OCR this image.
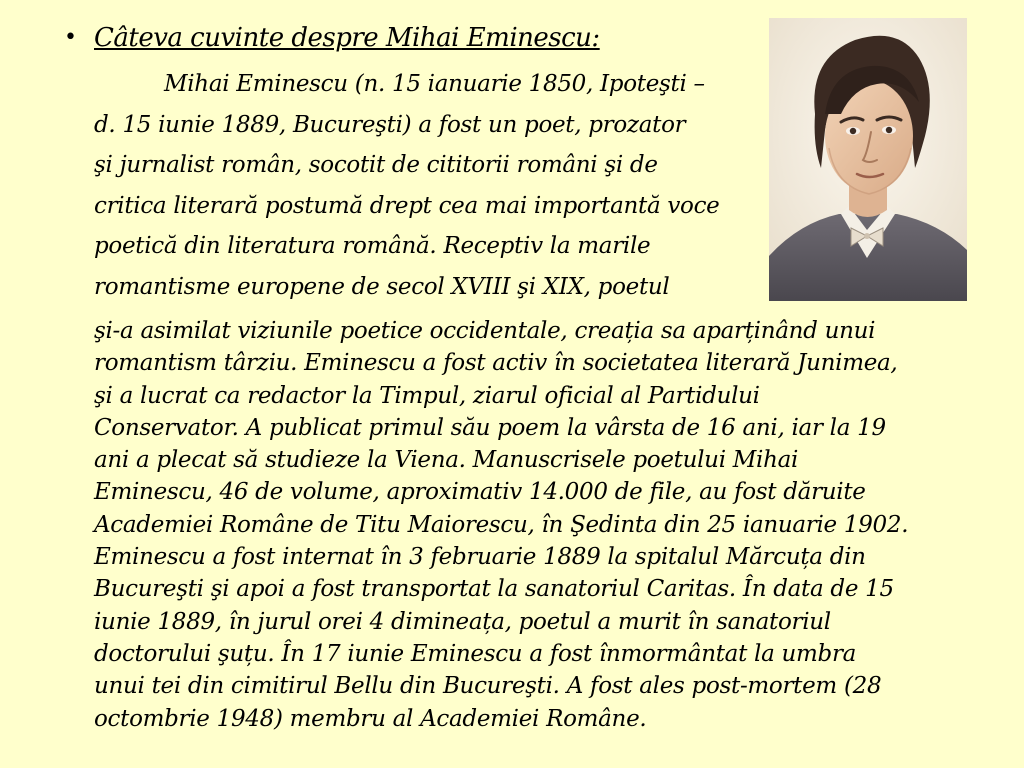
• Câteva cuvinte despre Mihai Eminescu:
Mihai Eminescu (n. 15 ianuarie 1850, Ipoteşti –
d. 15 iunie 1889, Bucureşti) a fost un poet, prozator
şi jurnalist român, socotit de cititorii români şi de
critica literară postumă drept cea mai importantă voce
poetică din literatura română. Receptiv la marile
romantisme europene de secol XVIII şi XIX, poetul
şi-a asimilat viziunile poetice occidentale, creația sa aparținând unui
romantism târziu. Eminescu a fost activ în societatea literară Junimea,
şi a lucrat ca redactor la Timpul, ziarul oficial al Partidului
Conservator. A publicat primul său poem la vârsta de 16 ani, iar la 19
ani a plecat să studieze la Viena. Manuscrisele poetului Mihai
Eminescu, 46 de volume, aproximativ 14.000 de file, au fost dăruite
Academiei Române de Titu Maiorescu, în Şedinta din 25 ianuarie 1902.
Eminescu a fost internat în 3 februarie 1889 la spitalul Mărcuța din
Bucureşti şi apoi a fost transportat la sanatoriul Caritas. În data de 15
iunie 1889, în jurul orei 4 dimineața, poetul a murit în sanatoriul
doctorului şuțu. În 17 iunie Eminescu a fost înmormântat la umbra
unui tei din cimitirul Bellu din Bucureşti. A fost ales post-mortem (28
octombrie 1948) membru al Academiei Române.
